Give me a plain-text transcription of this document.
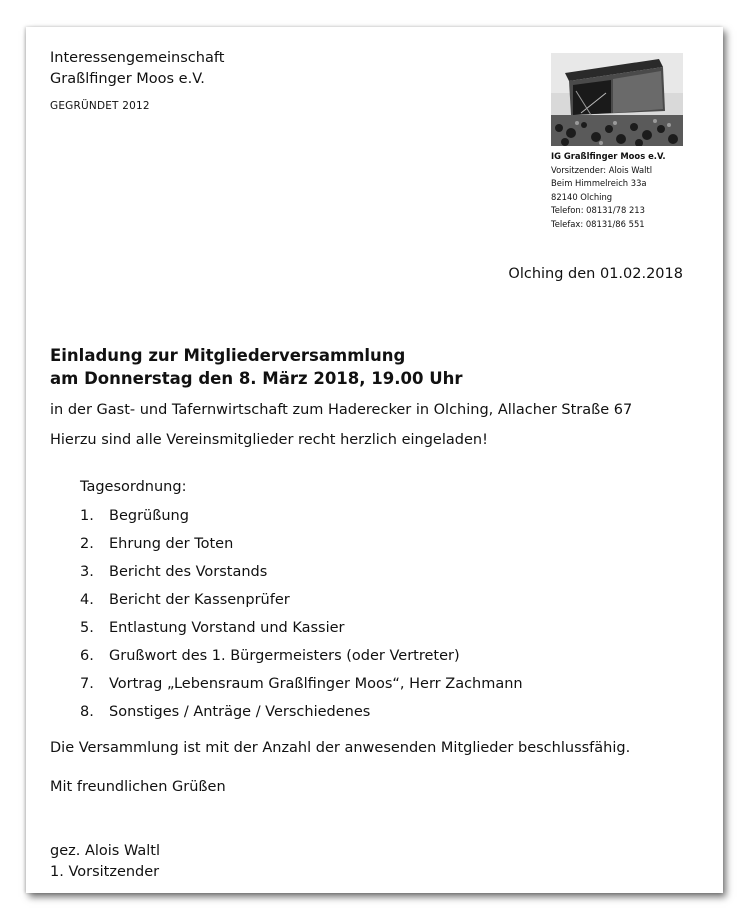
Interessengemeinschaft
Graßlfinger Moos e.V.
GEGRÜNDET 2012
IG Graßlfinger Moos e.V.
Vorsitzender: Alois Waltl
Beim Himmelreich 33a
82140 Olching
Telefon: 08131/78 213
Telefax: 08131/86 551
Olching den 01.02.2018
Einladung zur Mitgliederversammlung
am Donnerstag den 8. März 2018, 19.00 Uhr
in der Gast- und Tafernwirtschaft zum Haderecker in Olching, Allacher Straße 67
Hierzu sind alle Vereinsmitglieder recht herzlich eingeladen!
Tagesordnung:
1.	Begrüßung
2.	Ehrung der Toten
3.	Bericht des Vorstands
4.	Bericht der Kassenprüfer
5.	Entlastung Vorstand und Kassier
6.	Grußwort des 1. Bürgermeisters (oder Vertreter)
7.	Vortrag „Lebensraum Graßlfinger Moos“, Herr Zachmann
8.	Sonstiges / Anträge / Verschiedenes
Die Versammlung ist mit der Anzahl der anwesenden Mitglieder beschlussfähig.
Mit freundlichen Grüßen
gez. Alois Waltl
1. Vorsitzender
